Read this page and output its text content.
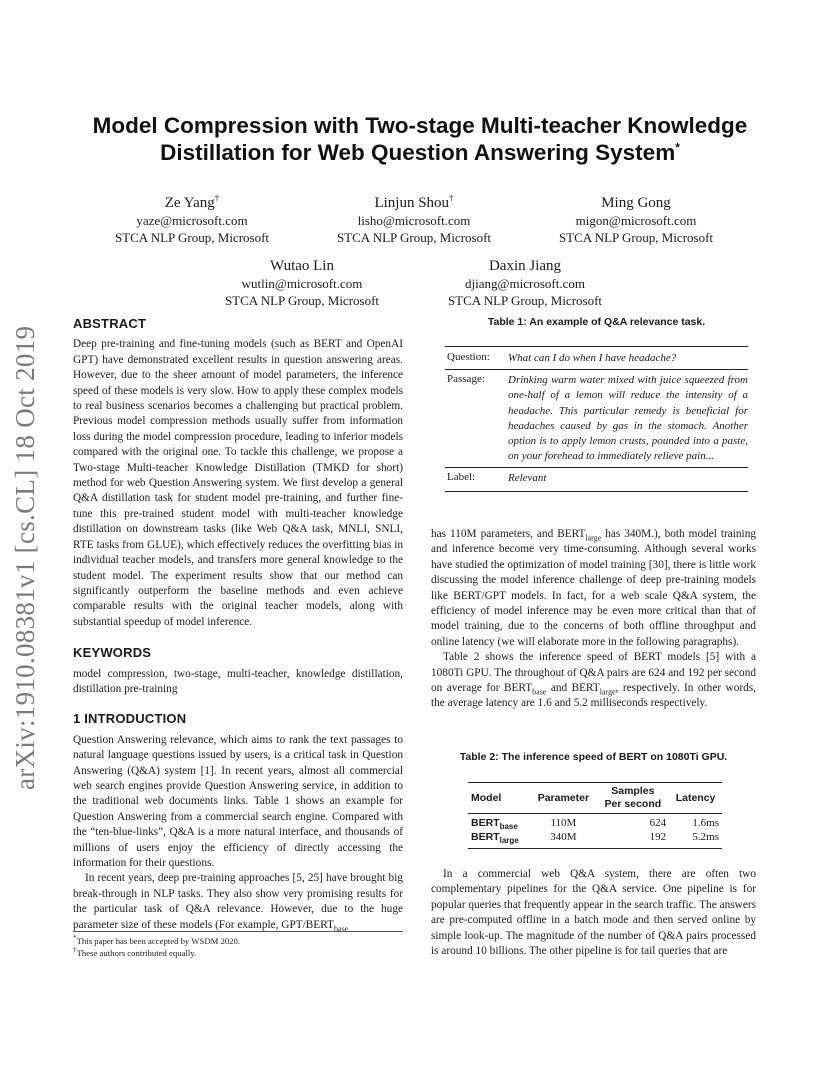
arXiv:1910.08381v1 [cs.CL] 18 Oct 2019
Model Compression with Two-stage Multi-teacher Knowledge
Distillation for Web Question Answering System*
Ze Yang†
yaze@microsoft.com
STCA NLP Group, Microsoft
Linjun Shou†
lisho@microsoft.com
STCA NLP Group, Microsoft
Ming Gong
migon@microsoft.com
STCA NLP Group, Microsoft
Wutao Lin
wutlin@microsoft.com
STCA NLP Group, Microsoft
Daxin Jiang
djiang@microsoft.com
STCA NLP Group, Microsoft
ABSTRACT

Deep pre-training and fine-tuning models (such as BERT and OpenAI GPT) have demonstrated excellent results in question answering areas. However, due to the sheer amount of model parameters, the inference speed of these models is very slow. How to apply these complex models to real business scenarios becomes a challenging but practical problem. Previous model compression methods usually suffer from information loss during the model compression procedure, leading to inferior models compared with the original one. To tackle this challenge, we propose a Two-stage Multi-teacher Knowledge Distillation (TMKD for short) method for web Question Answering system. We first develop a general Q&A distillation task for student model pre-training, and further fine-tune this pre-trained student model with multi-teacher knowledge distillation on downstream tasks (like Web Q&A task, MNLI, SNLI, RTE tasks from GLUE), which effectively reduces the overfitting bias in individual teacher models, and transfers more general knowledge to the student model. The experiment results show that our method can significantly outperform the baseline methods and even achieve comparable results with the original teacher models, along with substantial speedup of model inference.

KEYWORDS

model compression, two-stage, multi-teacher, knowledge distillation, distillation pre-training

1 INTRODUCTION

Question Answering relevance, which aims to rank the text passages to natural language questions issued by users, is a critical task in Question Answering (Q&A) system [1]. In recent years, almost all commercial web search engines provide Question Answering service, in addition to the traditional web documents links. Table 1 shows an example for Question Answering from a commercial search engine. Compared with the “ten-blue-links”, Q&A is a more natural interface, and thousands of millions of users enjoy the efficiency of directly accessing the information for their questions.

In recent years, deep pre-training approaches [5, 25] have brought big break-through in NLP tasks. They also show very promising results for the particular task of Q&A relevance. However, due to the huge parameter size of these models (For example, GPT/$BERT_{base}$

*This paper has been accepted by WSDM 2020.
†These authors contributed equally.
Table 1: An example of Q&A relevance task.
Question:	What can I do when I have headache?
Passage:	Drinking warm water mixed with juice squeezed from one-half of a lemon will reduce the intensity of a headache. This particular remedy is beneficial for headaches caused by gas in the stomach. Another option is to apply lemon crusts, pounded into a paste, on your forehead to immediately relieve pain...
Label:	Relevant

has 110M parameters, and $BERT_{large}$ has 340M.), both model training and inference become very time-consuming. Although several works have studied the optimization of model training [30], there is little work discussing the model inference challenge of deep pre-training models like BERT/GPT models. In fact, for a web scale Q&A system, the efficiency of model inference may be even more critical than that of model training, due to the concerns of both offline throughput and online latency (we will elaborate more in the following paragraphs).

Table 2 shows the inference speed of BERT models [5] with a 1080Ti GPU. The throughout of Q&A pairs are 624 and 192 per second on average for $BERT_{base}$ and $BERT_{large}$, respectively. In other words, the average latency are 1.6 and 5.2 milliseconds respectively.

Table 2: The inference speed of BERT on 1080Ti GPU.
Model	Parameter	Samples	Latency
		Per second	
$BERT_{base}$	110M	624	1.6ms
$BERT_{large}$	340M	192	5.2ms

In a commercial web Q&A system, there are often two complementary pipelines for the Q&A service. One pipeline is for popular queries that frequently appear in the search traffic. The answers are pre-computed offline in a batch mode and then served online by simple look-up. The magnitude of the number of Q&A pairs processed is around 10 billions. The other pipeline is for tail queries that are
